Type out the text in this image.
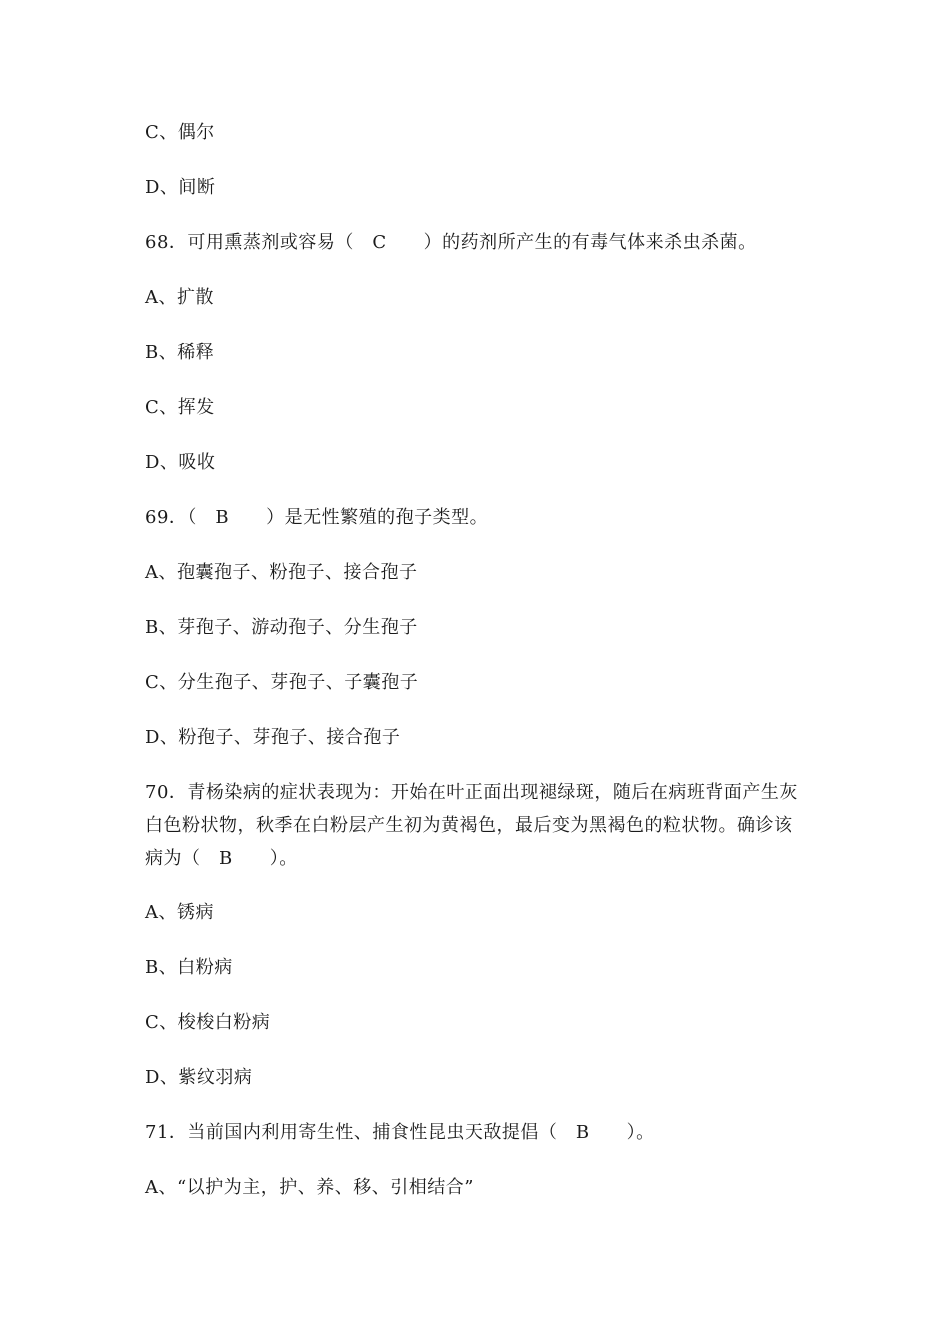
C、偶尔
D、间断
68．可用熏蒸剂或容易（　C　　）的药剂所产生的有毒气体来杀虫杀菌。
A、扩散
B、稀释
C、挥发
D、吸收
69．（　B　　）是无性繁殖的孢子类型。
A、孢囊孢子、粉孢子、接合孢子
B、芽孢子、游动孢子、分生孢子
C、分生孢子、芽孢子、子囊孢子
D、粉孢子、芽孢子、接合孢子
70．青杨染病的症状表现为：开始在叶正面出现褪绿斑，随后在病班背面产生灰
白色粉状物，秋季在白粉层产生初为黄褐色，最后变为黑褐色的粒状物。确诊该
病为（　B　　）。
A、锈病
B、白粉病
C、梭梭白粉病
D、紫纹羽病
71．当前国内利用寄生性、捕食性昆虫天敌提倡（　B　　）。
A、“以护为主，护、养、移、引相结合”
